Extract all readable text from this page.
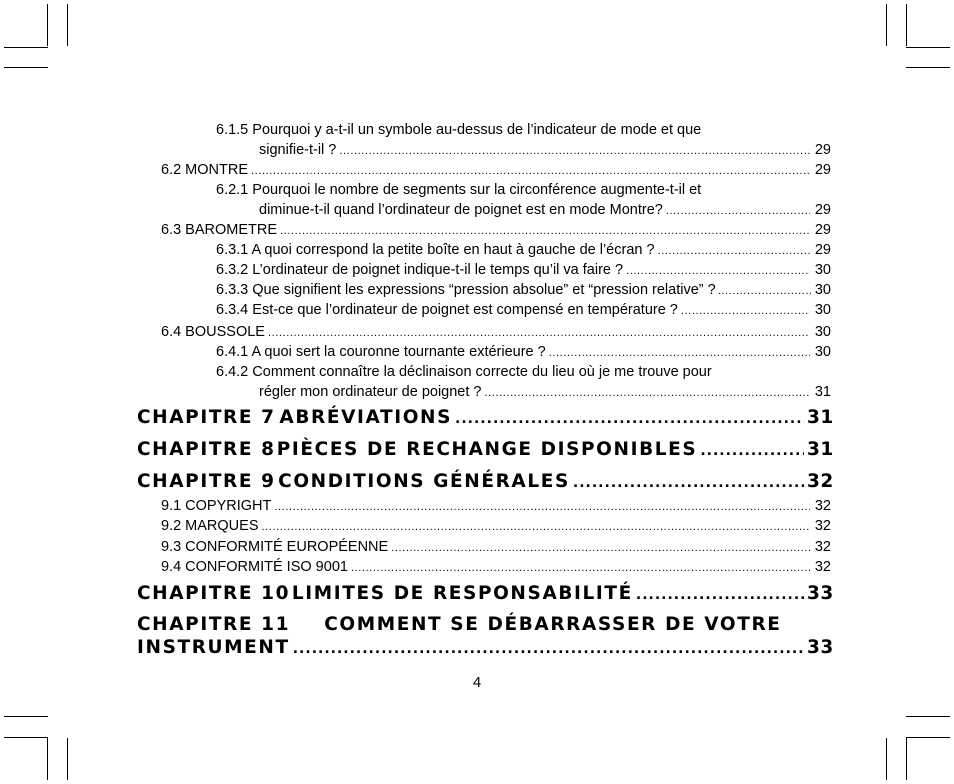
6.1.5 Pourquoi y a-t-il un symbole au-dessus de l’indicateur de mode et que
signifie-t-il ? .....	29
6.2 MONTRE .....	29
6.2.1 Pourquoi le nombre de segments sur la circonférence augmente-t-il et
diminue-t-il quand l’ordinateur de poignet est en mode Montre? .....	29
6.3 BAROMETRE .....	29
6.3.1 A quoi correspond la petite boîte en haut à gauche de l’écran ? .....	29
6.3.2 L’ordinateur de poignet indique-t-il le temps qu’il va faire ? .....	30
6.3.3 Que signifient les expressions “pression absolue” et “pression relative” ? .....	30
6.3.4 Est-ce que l’ordinateur de poignet est compensé en température ? .....	30
6.4 BOUSSOLE .....	30
6.4.1 A quoi sert la couronne tournante extérieure ? .....	30
6.4.2 Comment connaître la déclinaison correcte du lieu où je me trouve pour
régler mon ordinateur de poignet ? .....	31
CHAPITRE 7 ABRÉVIATIONS .....	31
CHAPITRE 8 PIÈCES DE RECHANGE DISPONIBLES .....	31
CHAPITRE 9 CONDITIONS GÉNÉRALES .....	32
9.1 COPYRIGHT .....	32
9.2 MARQUES .....	32
9.3 CONFORMITÉ EUROPÉENNE .....	32
9.4 CONFORMITÉ ISO 9001 .....	32
CHAPITRE 10 LIMITES DE RESPONSABILITÉ .....	33
CHAPITRE 11 COMMENT SE DÉBARRASSER DE VOTRE
INSTRUMENT .....	33
4
